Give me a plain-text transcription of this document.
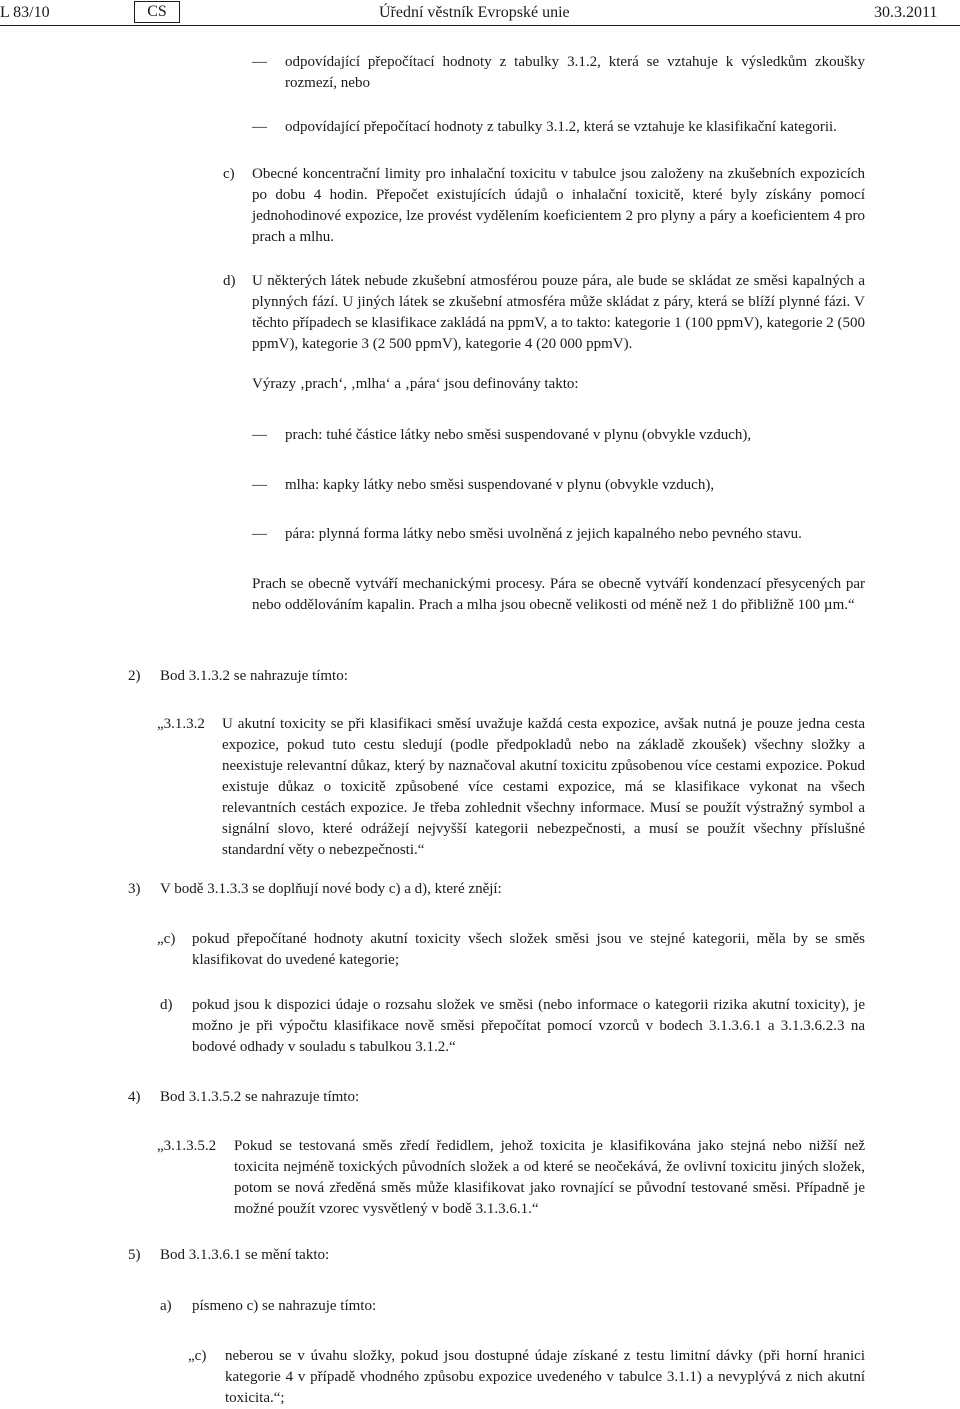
L 83/10	CS	Úřední věstník Evropské unie	30.3.2011
— odpovídající přepočítací hodnoty z tabulky 3.1.2, která se vztahuje k výsledkům zkoušky rozmezí, nebo
— odpovídající přepočítací hodnoty z tabulky 3.1.2, která se vztahuje ke klasifikační kategorii.
c) Obecné koncentrační limity pro inhalační toxicitu v tabulce jsou založeny na zkušebních expozicích po dobu 4 hodin. Přepočet existujících údajů o inhalační toxicitě, které byly získány pomocí jednohodinové expozice, lze provést vydělením koeficientem 2 pro plyny a páry a koeficientem 4 pro prach a mlhu.
d) U některých látek nebude zkušební atmosférou pouze pára, ale bude se skládat ze směsi kapalných a plynných fází. U jiných látek se zkušební atmosféra může skládat z páry, která se blíží plynné fázi. V těchto případech se klasifikace zakládá na ppmV, a to takto: kategorie 1 (100 ppmV), kategorie 2 (500 ppmV), kategorie 3 (2 500 ppmV), kategorie 4 (20 000 ppmV).
Výrazy ‚prach‘, ‚mlha‘ a ‚pára‘ jsou definovány takto:
— prach: tuhé částice látky nebo směsi suspendované v plynu (obvykle vzduch),
— mlha: kapky látky nebo směsi suspendované v plynu (obvykle vzduch),
— pára: plynná forma látky nebo směsi uvolněná z jejich kapalného nebo pevného stavu.
Prach se obecně vytváří mechanickými procesy. Pára se obecně vytváří kondenzací přesycených par nebo oddělováním kapalin. Prach a mlha jsou obecně velikosti od méně než 1 do přibližně 100 µm.“
2) Bod 3.1.3.2 se nahrazuje tímto:
„3.1.3.2 U akutní toxicity se při klasifikaci směsí uvažuje každá cesta expozice, avšak nutná je pouze jedna cesta expozice, pokud tuto cestu sledují (podle předpokladů nebo na základě zkoušek) všechny složky a neexistuje relevantní důkaz, který by naznačoval akutní toxicitu způsobenou více cestami expozice. Pokud existuje důkaz o toxicitě způsobené více cestami expozice, má se klasifikace vykonat na všech relevantních cestách expozice. Je třeba zohlednit všechny informace. Musí se použít výstražný symbol a signální slovo, které odrážejí nejvyšší kategorii nebezpečnosti, a musí se použít všechny příslušné standardní věty o nebezpečnosti.“
3) V bodě 3.1.3.3 se doplňují nové body c) a d), které znějí:
„c) pokud přepočítané hodnoty akutní toxicity všech složek směsi jsou ve stejné kategorii, měla by se směs klasifikovat do uvedené kategorie;
d) pokud jsou k dispozici údaje o rozsahu složek ve směsi (nebo informace o kategorii rizika akutní toxicity), je možno je při výpočtu klasifikace nově směsi přepočítat pomocí vzorců v bodech 3.1.3.6.1 a 3.1.3.6.2.3 na bodové odhady v souladu s tabulkou 3.1.2.“
4) Bod 3.1.3.5.2 se nahrazuje tímto:
„3.1.3.5.2 Pokud se testovaná směs zředí ředidlem, jehož toxicita je klasifikována jako stejná nebo nižší než toxicita nejméně toxických původních složek a od které se neočekává, že ovlivní toxicitu jiných složek, potom se nová zředěná směs může klasifikovat jako rovnající se původní testované směsi. Případně je možné použít vzorec vysvětlený v bodě 3.1.3.6.1.“
5) Bod 3.1.3.6.1 se mění takto:
a) písmeno c) se nahrazuje tímto:
„c) neberou se v úvahu složky, pokud jsou dostupné údaje získané z testu limitní dávky (při horní hranici kategorie 4 v případě vhodného způsobu expozice uvedeného v tabulce 3.1.1) a nevyplývá z nich akutní toxicita.“;
